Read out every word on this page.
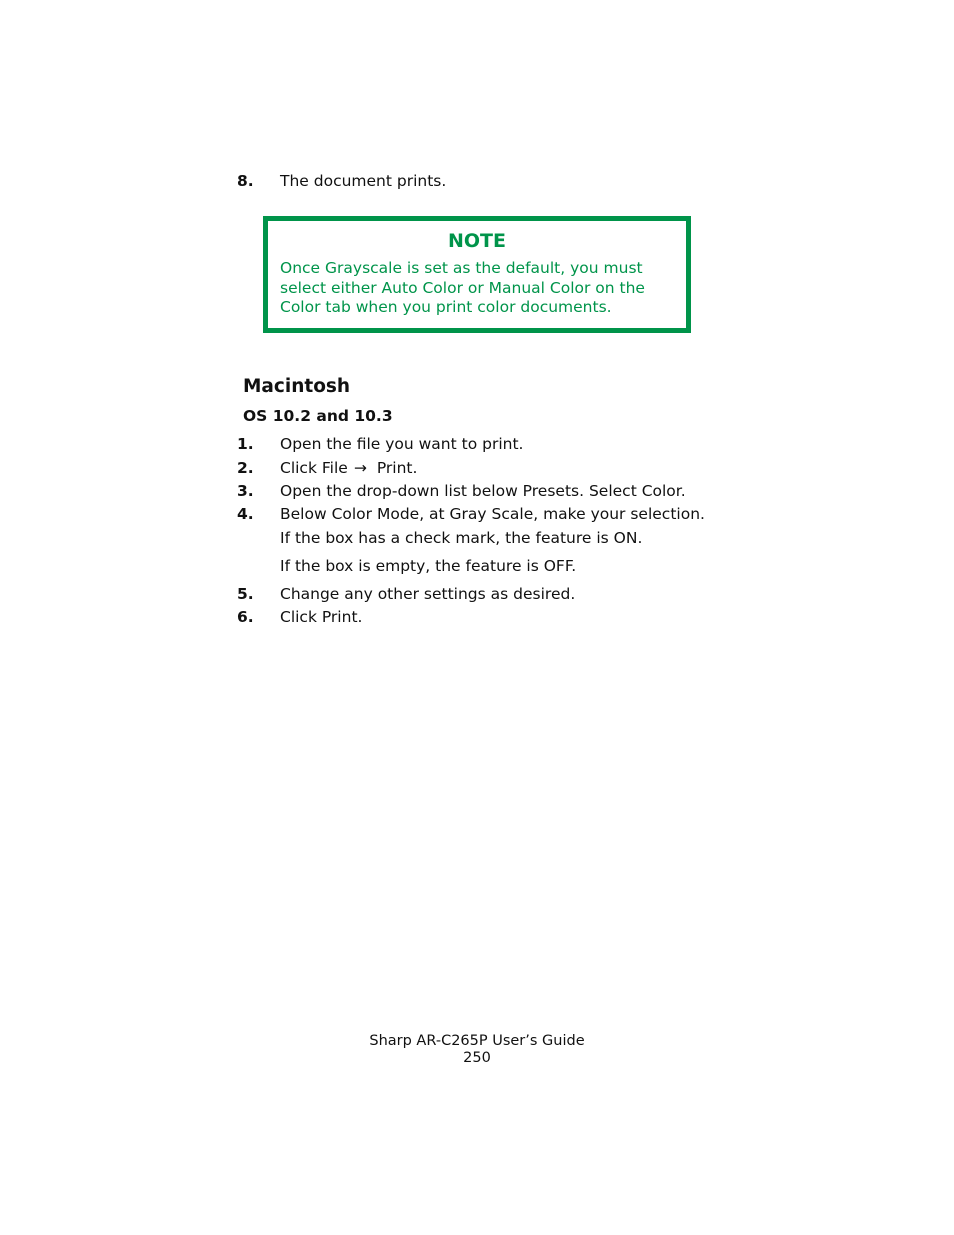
8. The document prints.
NOTE
Once Grayscale is set as the default, you must select either Auto Color or Manual Color on the Color tab when you print color documents.
Macintosh
OS 10.2 and 10.3
1. Open the file you want to print.
2. Click File → Print.
3. Open the drop-down list below Presets. Select Color.
4. Below Color Mode, at Gray Scale, make your selection.
If the box has a check mark, the feature is ON.
If the box is empty, the feature is OFF.
5. Change any other settings as desired.
6. Click Print.
Sharp AR-C265P User’s Guide
250
